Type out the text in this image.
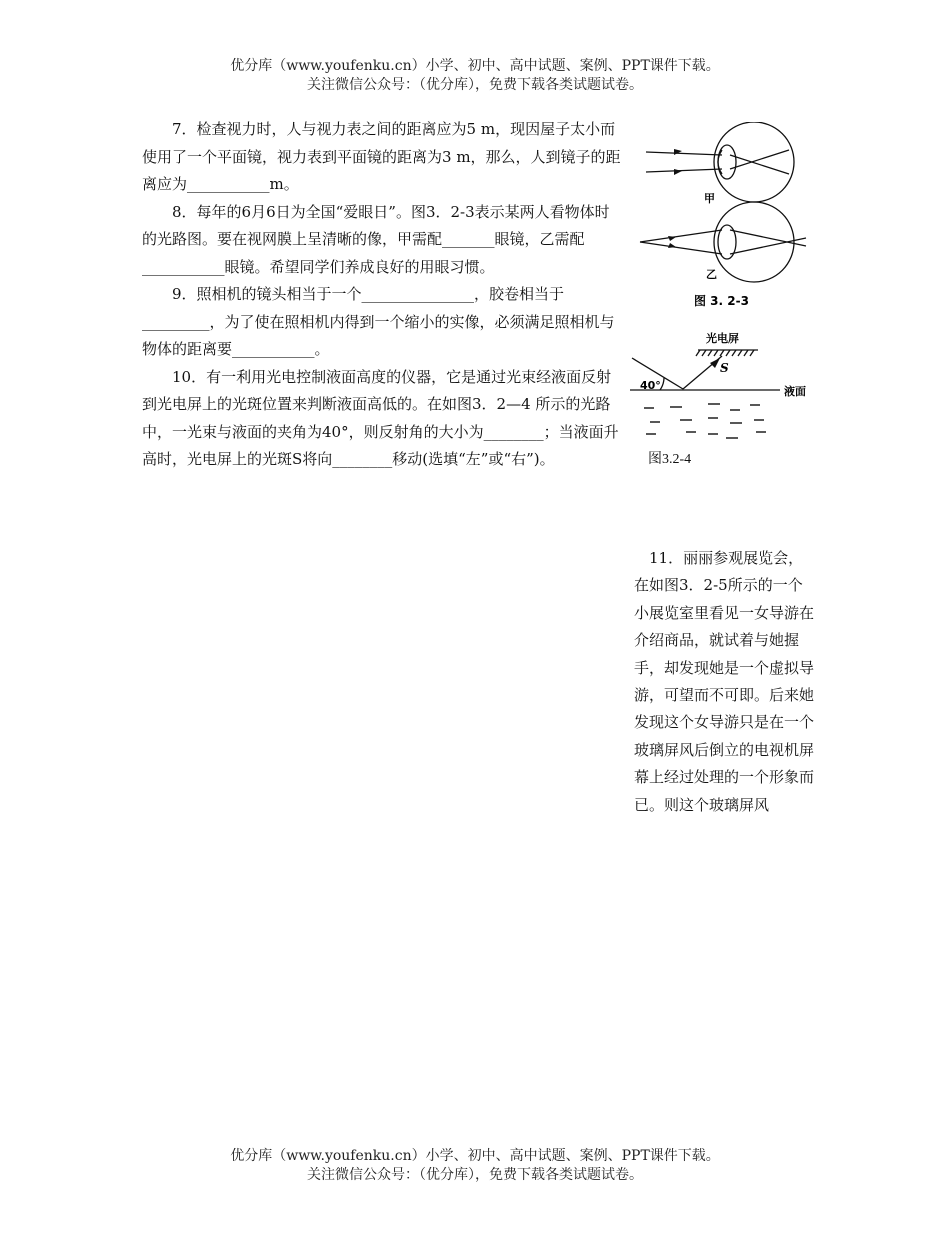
优分库（www.youfenku.cn）小学、初中、高中试题、案例、PPT课件下载。
关注微信公众号：（优分库），免费下载各类试题试卷。

7．检查视力时，人与视力表之间的距离应为5 m，现因屋子太小而使用了一个平面镜，视力表到平面镜的距离为3 m，那么，人到镜子的距离应为___________m。

8．每年的6月6日为全国“爱眼日”。图3．2-3表示某两人看物体时的光路图。要在视网膜上呈清晰的像，甲需配_______眼镜，乙需配___________眼镜。希望同学们养成良好的用眼习惯。

9．照相机的镜头相当于一个_______________，胶卷相当于_________，为了使在照相机内得到一个缩小的实像，必须满足照相机与物体的距离要___________。

10．有一利用光电控制液面高度的仪器，它是通过光束经液面反射到光电屏上的光斑位置来判断液面高低的。在如图3．2—4 所示的光路中，一光束与液面的夹角为40°，则反射角的大小为________；当液面升高时，光电屏上的光斑S将向________移动(选填“左”或“右”)。

甲
乙
图 3. 2-3
光电屏
S
40°	液面
图3.2-4

11．丽丽参观展览会，在如图3．2-5所示的一个小展览室里看见一女导游在介绍商品，就试着与她握手，却发现她是一个虚拟导游，可望而不可即。后来她发现这个女导游只是在一个玻璃屏风后倒立的电视机屏幕上经过处理的一个形象而已。则这个玻璃屏风

优分库（www.youfenku.cn）小学、初中、高中试题、案例、PPT课件下载。
关注微信公众号：（优分库），免费下载各类试题试卷。
